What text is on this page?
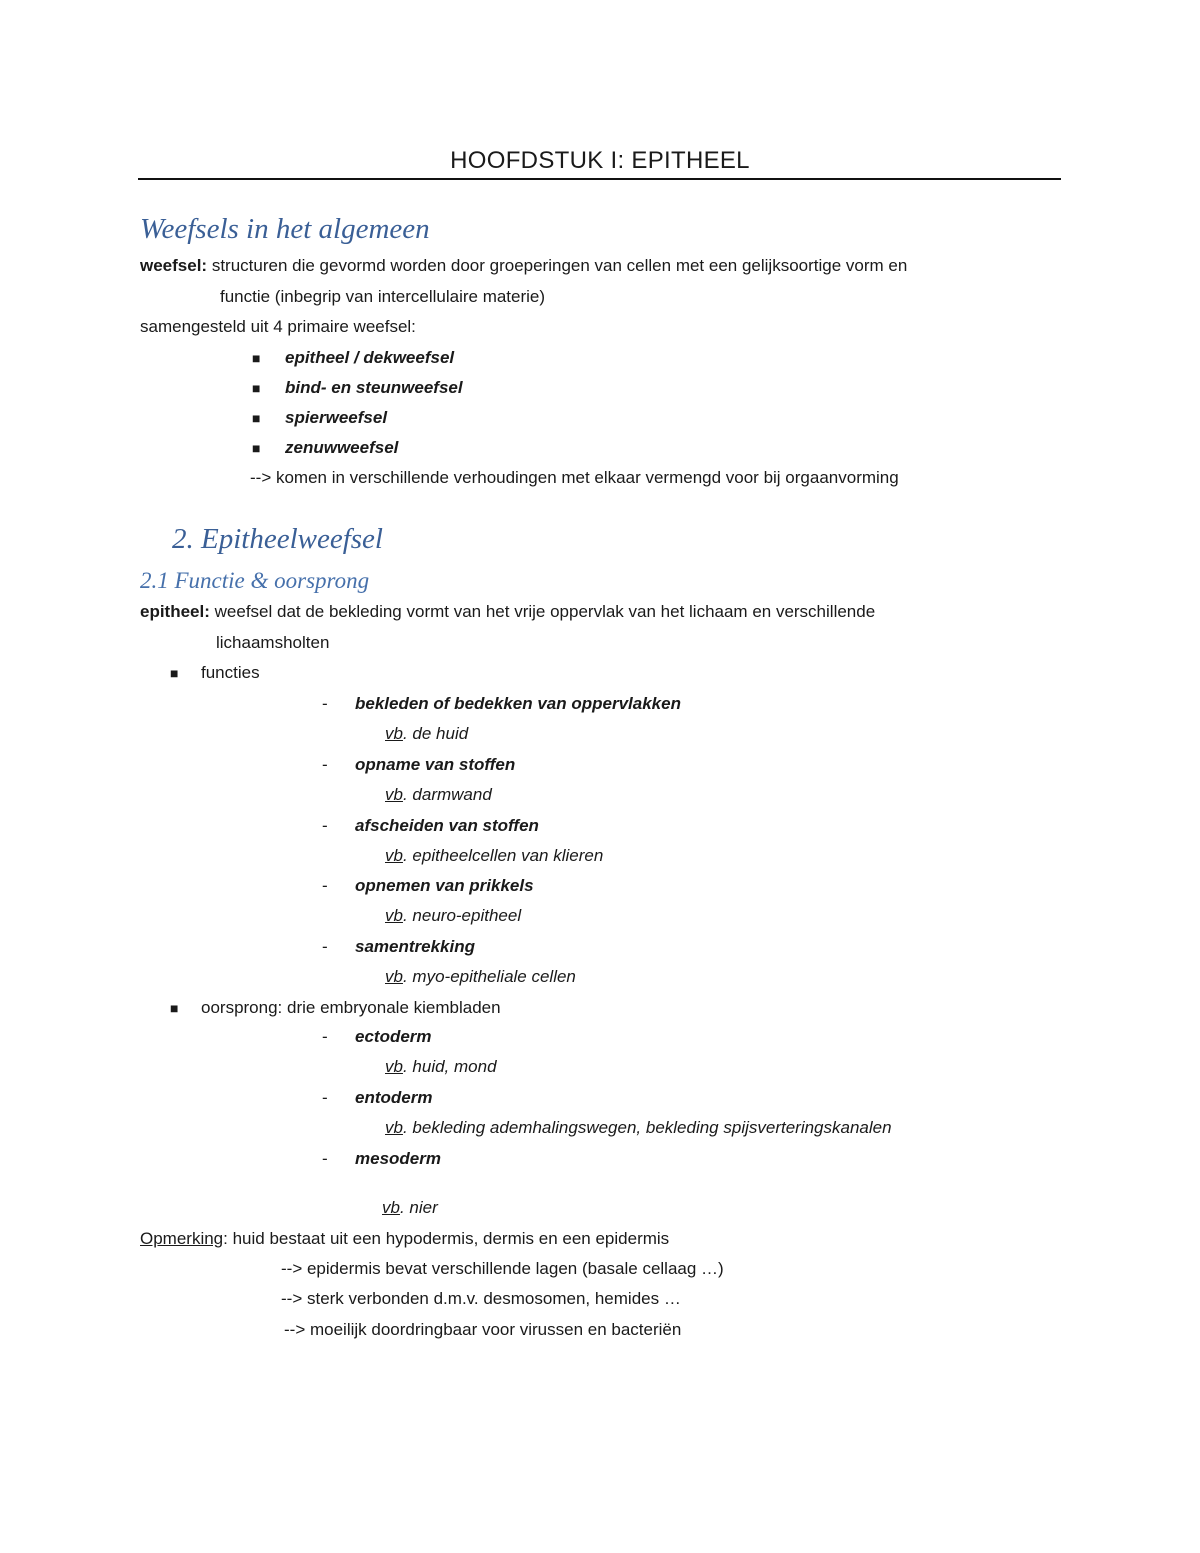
HOOFDSTUK I: EPITHEEL
Weefsels in het algemeen
weefsel: structuren die gevormd worden door groeperingen van cellen met een gelijksoortige vorm en
functie (inbegrip van intercellulaire materie)
samengesteld uit 4 primaire weefsel:
■ epitheel / dekweefsel
■ bind- en steunweefsel
■ spierweefsel
■ zenuwweefsel
--> komen in verschillende verhoudingen met elkaar vermengd voor bij orgaanvorming
2. Epitheelweefsel
2.1 Functie & oorsprong
epitheel: weefsel dat de bekleding vormt van het vrije oppervlak van het lichaam en verschillende
lichaamsholten
■ functies
- bekleden of bedekken van oppervlakken
vb. de huid
- opname van stoffen
vb. darmwand
- afscheiden van stoffen
vb. epitheelcellen van klieren
- opnemen van prikkels
vb. neuro-epitheel
- samentrekking
vb. myo-epitheliale cellen
■ oorsprong: drie embryonale kiembladen
- ectoderm
vb. huid, mond
- entoderm
vb. bekleding ademhalingswegen, bekleding spijsverteringskanalen
- mesoderm
vb. nier
Opmerking: huid bestaat uit een hypodermis, dermis en een epidermis
--> epidermis bevat verschillende lagen (basale cellaag …)
--> sterk verbonden d.m.v. desmosomen, hemides …
--> moeilijk doordringbaar voor virussen en bacteriën
